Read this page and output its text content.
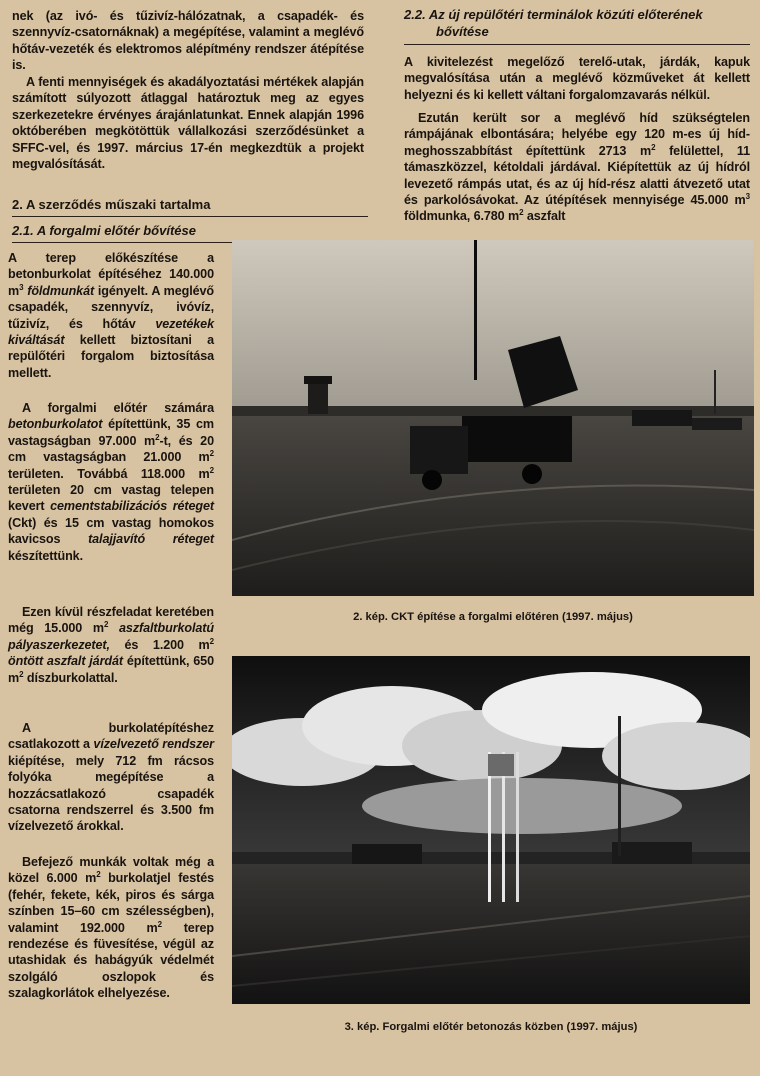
nek (az ivó- és tűzivíz-hálózatnak, a csapadék- és szennyvíz-csatornáknak) a megépítése, valamint a meglévő hőtáv-vezeték és elektromos alépítmény rendszer átépítése is.

A fenti mennyiségek és akadályoztatási mértékek alapján számított súlyozott átlaggal határoztuk meg az egyes szerkezetekre érvényes árajánlatunkat. Ennek alapján 1996 októberében megkötöttük vállalkozási szerződésünket a SFFC-vel, és 1997. március 17-én megkezdtük a projekt megvalósítását.

2. A szerződés műszaki tartalma

2.1. A forgalmi előtér bővítése

A terep előkészítése a betonburkolat építéséhez 140.000 $m^3$ földmunkát igényelt. A meglévő csapadék, szennyvíz, ivóvíz, tűzivíz, és hőtáv vezetékek kiváltását kellett biztosítani a repülőtéri forgalom biztosítása mellett.

A forgalmi előtér számára betonburkolatot építettünk, 35 cm vastagságban 97.000 $m^2-t$, és 20 cm vastagságban 21.000 $m^2$ területen. Továbbá 118.000 $m^2$ területen 20 cm vastag telepen kevert cementstabilizációs réteget (Ckt) és 15 cm vastag homokos kavicsos talajjavító réteget készítettünk.

Ezen kívül részfeladat keretében még 15.000 $m^2$ aszfaltburkolatú pályaszerkezetet, és 1.200 $m^2$ öntött aszfalt járdát építettünk, 650 $m^2$ díszburkolattal.

A burkolatépítéshez csatlakozott a vízelvezető rendszer kiépítése, mely 712 fm rácsos folyóka megépítése a hozzácsatlakozó csapadék csatorna rendszerrel és 3.500 fm vízelvezető árokkal.

Befejező munkák voltak még a közel 6.000 $m^2$ burkolatjel festés (fehér, fekete, kék, piros és sárga színben 15–60 cm szélességben), valamint 192.000 $m^2$ terep rendezése és füvesítése, végül az utashidak és habágyúk védelmét szolgáló oszlopok és szalagkorlátok elhelyezése.

2.2. Az új repülőtéri terminálok közúti előterének
bővítése

A kivitelezést megelőző terelő-utak, járdák, kapuk megvalósítása után a meglévő közműveket át kellett helyezni és ki kellett váltani forgalomzavarás nélkül.

Ezután került sor a meglévő híd szükségtelen rámpájának elbontására; helyébe egy 120 m-es új híd-meghosszabbítást építettünk 2713 $m^2$ felülettel, 11 támaszközzel, kétoldali járdával. Kiépítettük az új hídról levezető rámpás utat, és az új híd-rész alatti átvezető utat és parkolósávokat. Az útépítések mennyisége 45.000 $m^3$ földmunka, 6.780 $m^2$ aszfalt

2. kép. CKT építése a forgalmi előtéren (1997. május)

3. kép. Forgalmi előtér betonozás közben (1997. május)
